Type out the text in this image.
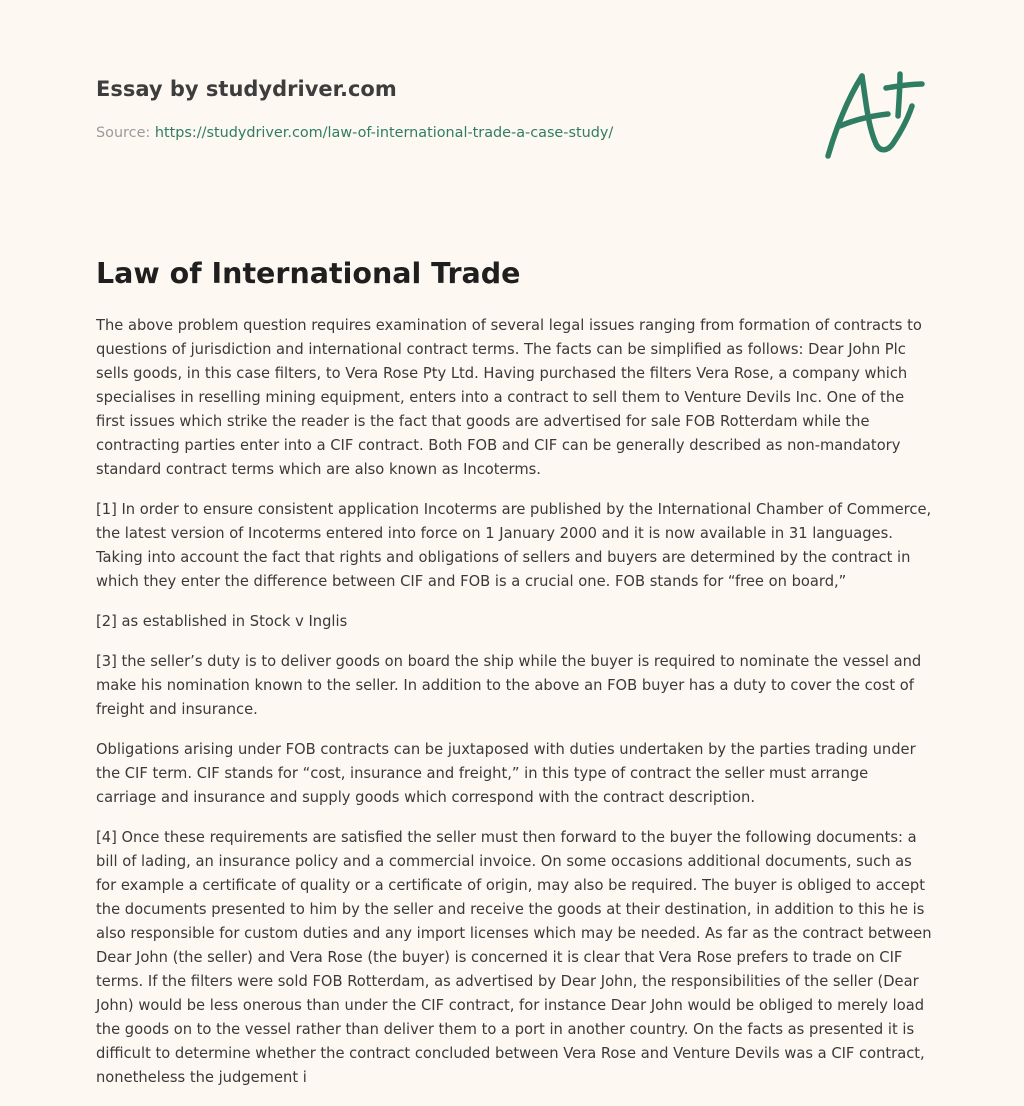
Essay by studydriver.com
Source: https://studydriver.com/law-of-international-trade-a-case-study/
Law of International Trade

The above problem question requires examination of several legal issues ranging from formation of contracts to questions of jurisdiction and international contract terms. The facts can be simplified as follows: Dear John Plc sells goods, in this case filters, to Vera Rose Pty Ltd. Having purchased the filters Vera Rose, a company which specialises in reselling mining equipment, enters into a contract to sell them to Venture Devils Inc. One of the first issues which strike the reader is the fact that goods are advertised for sale FOB Rotterdam while the contracting parties enter into a CIF contract. Both FOB and CIF can be generally described as non-mandatory standard contract terms which are also known as Incoterms.

[1] In order to ensure consistent application Incoterms are published by the International Chamber of Commerce, the latest version of Incoterms entered into force on 1 January 2000 and it is now available in 31 languages. Taking into account the fact that rights and obligations of sellers and buyers are determined by the contract in which they enter the difference between CIF and FOB is a crucial one. FOB stands for “free on board,”

[2] as established in Stock v Inglis

[3] the seller’s duty is to deliver goods on board the ship while the buyer is required to nominate the vessel and make his nomination known to the seller. In addition to the above an FOB buyer has a duty to cover the cost of freight and insurance.

Obligations arising under FOB contracts can be juxtaposed with duties undertaken by the parties trading under the CIF term. CIF stands for “cost, insurance and freight,” in this type of contract the seller must arrange carriage and insurance and supply goods which correspond with the contract description.

[4] Once these requirements are satisfied the seller must then forward to the buyer the following documents: a bill of lading, an insurance policy and a commercial invoice. On some occasions additional documents, such as for example a certificate of quality or a certificate of origin, may also be required. The buyer is obliged to accept the documents presented to him by the seller and receive the goods at their destination, in addition to this he is also responsible for custom duties and any import licenses which may be needed. As far as the contract between Dear John (the seller) and Vera Rose (the buyer) is concerned it is clear that Vera Rose prefers to trade on CIF terms. If the filters were sold FOB Rotterdam, as advertised by Dear John, the responsibilities of the seller (Dear John) would be less onerous than under the CIF contract, for instance Dear John would be obliged to merely load the goods on to the vessel rather than deliver them to a port in another country. On the facts as presented it is difficult to determine whether the contract concluded between Vera Rose and Venture Devils was a CIF contract, nonetheless the judgement i
